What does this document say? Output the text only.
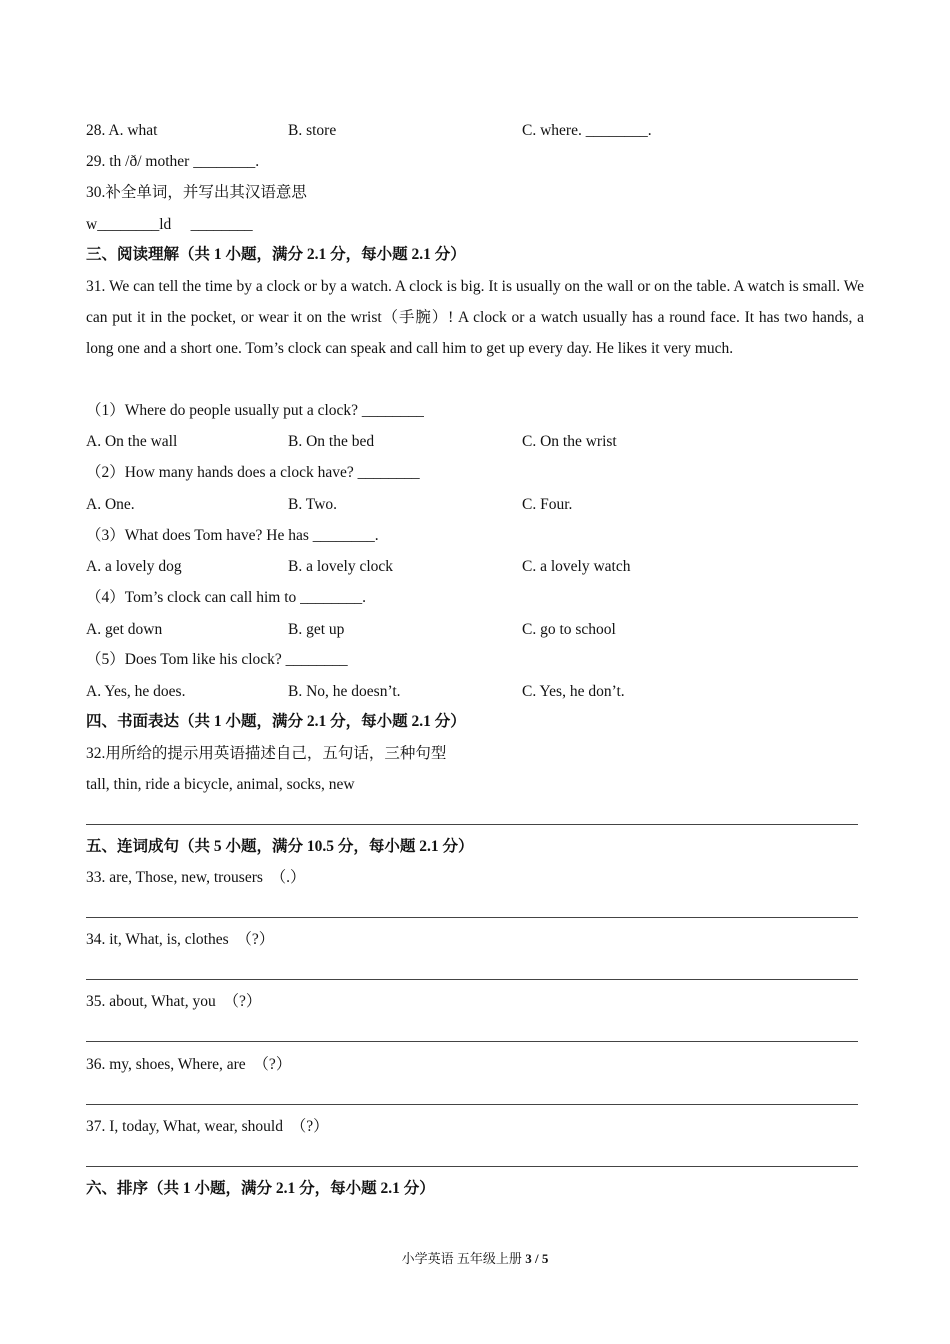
28. A. what	B. store	C. where. ________.
29. th /ð/ mother ________.
30.补全单词，并写出其汉语意思
w________ld     ________
三、阅读理解（共 1 小题，满分 2.1 分，每小题 2.1 分）
31. We can tell the time by a clock or by a watch. A clock is big. It is usually on the wall or on the table. A watch is small. We can put it in the pocket, or wear it on the wrist（手腕）! A clock or a watch usually has a round face. It has two hands, a long one and a short one. Tom’s clock can speak and call him to get up every day. He likes it very much.
（1）Where do people usually put a clock? ________
A. On the wall	B. On the bed	C. On the wrist
（2）How many hands does a clock have? ________
A. One.	B. Two.	C. Four.
（3）What does Tom have? He has ________.
A. a lovely dog	B. a lovely clock	C. a lovely watch
（4）Tom’s clock can call him to ________.
A. get down	B. get up	C. go to school
（5）Does Tom like his clock? ________
A. Yes, he does.	B. No, he doesn’t.	C. Yes, he don’t.
四、书面表达（共 1 小题，满分 2.1 分，每小题 2.1 分）
32.用所给的提示用英语描述自己，五句话，三种句型
tall, thin, ride a bicycle, animal, socks, new
五、连词成句（共 5 小题，满分 10.5 分，每小题 2.1 分）
33. are, Those, new, trousers  （.）
34. it, What, is, clothes  （?）
35. about, What, you  （?）
36. my, shoes, Where, are  （?）
37. I, today, What, wear, should  （?）
六、排序（共 1 小题，满分 2.1 分，每小题 2.1 分）
小学英语 五年级上册 3 / 5
